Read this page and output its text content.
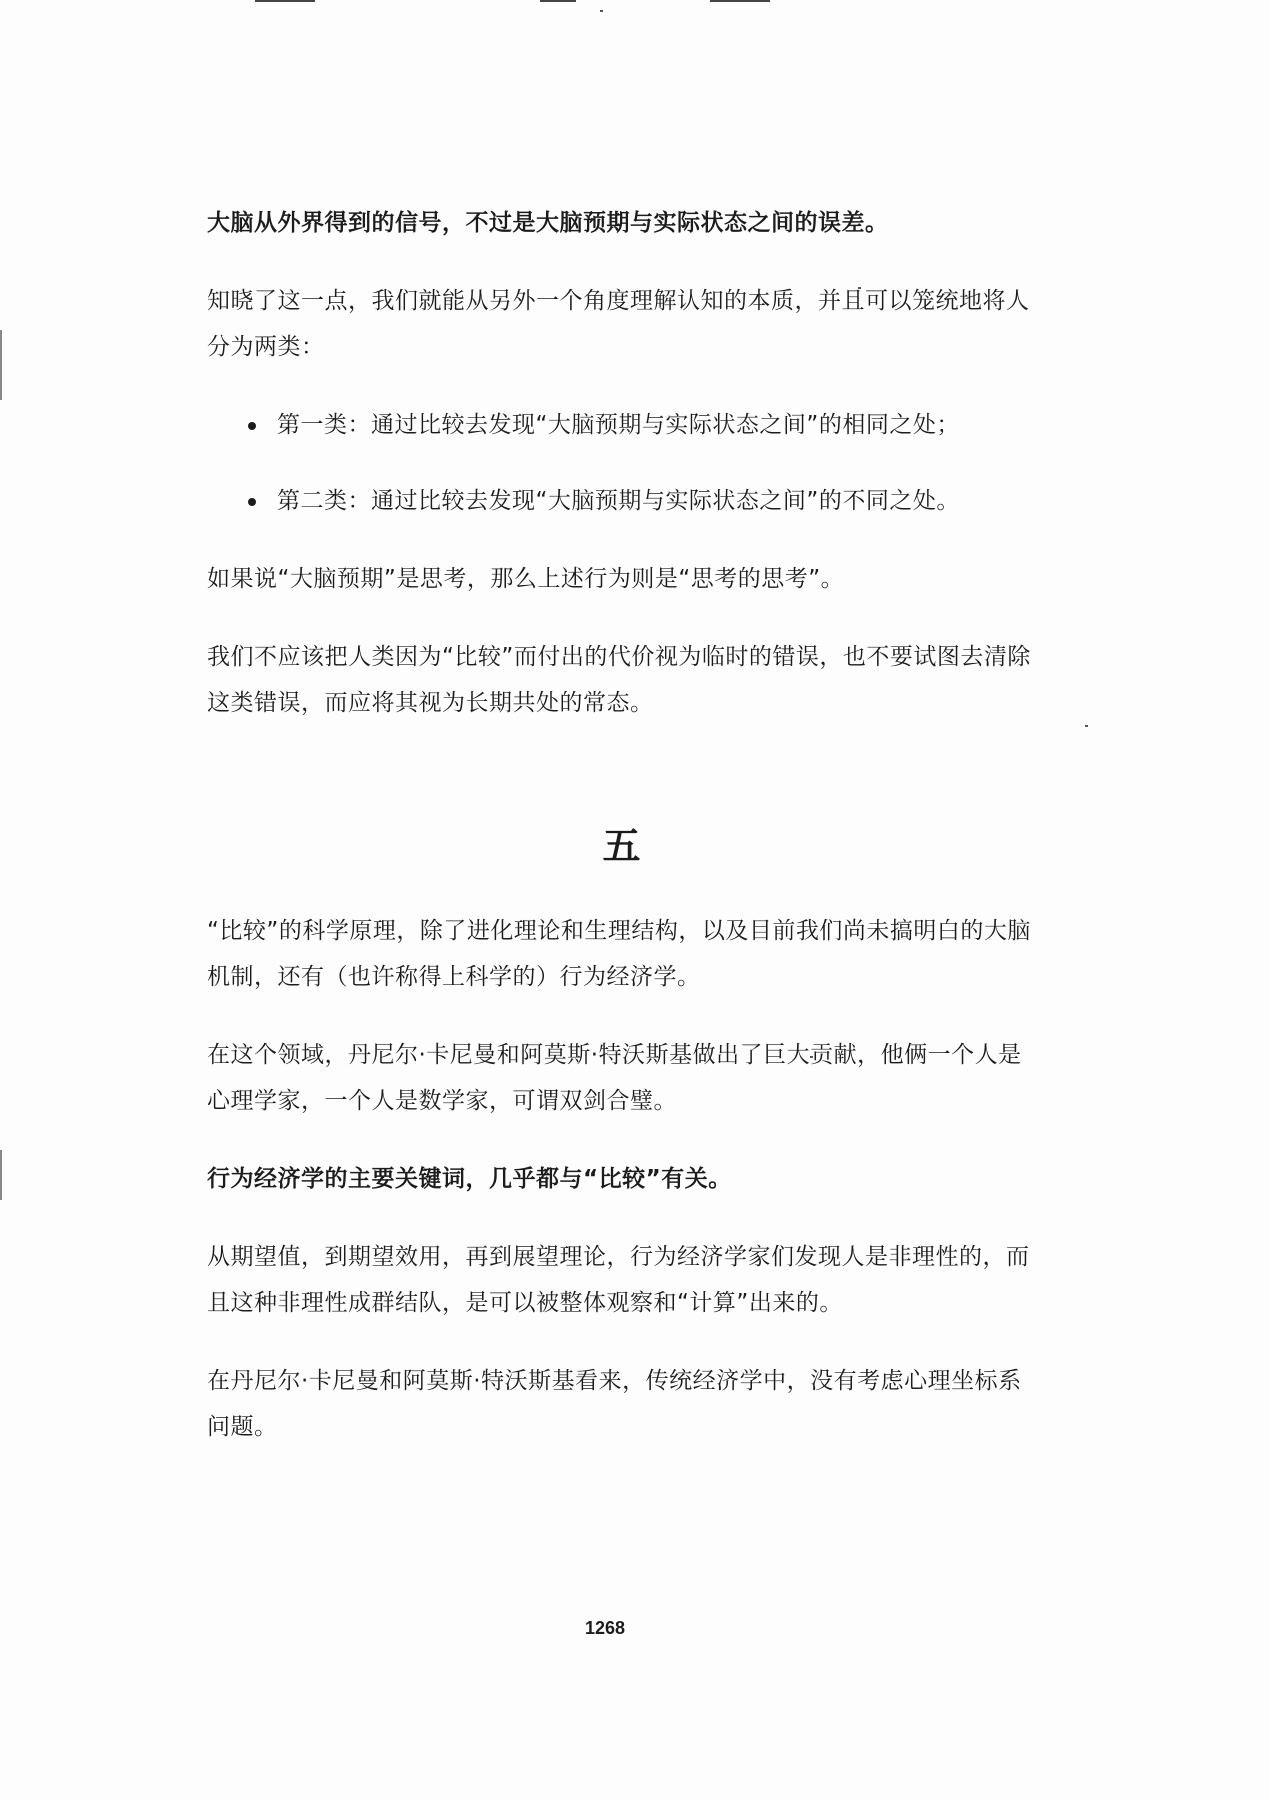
大脑从外界得到的信号，不过是大脑预期与实际状态之间的误差。

知晓了这一点，我们就能从另外一个角度理解认知的本质，并且可以笼统地将人分为两类：

第一类：通过比较去发现“大脑预期与实际状态之间”的相同之处；
第二类：通过比较去发现“大脑预期与实际状态之间”的不同之处。

如果说“大脑预期”是思考，那么上述行为则是“思考的思考”。

我们不应该把人类因为“比较”而付出的代价视为临时的错误，也不要试图去清除这类错误，而应将其视为长期共处的常态。

五

“比较”的科学原理，除了进化理论和生理结构，以及目前我们尚未搞明白的大脑机制，还有（也许称得上科学的）行为经济学。

在这个领域，丹尼尔·卡尼曼和阿莫斯·特沃斯基做出了巨大贡献，他俩一个人是心理学家，一个人是数学家，可谓双剑合璧。

行为经济学的主要关键词，几乎都与“比较”有关。

从期望值，到期望效用，再到展望理论，行为经济学家们发现人是非理性的，而且这种非理性成群结队，是可以被整体观察和“计算”出来的。

在丹尼尔·卡尼曼和阿莫斯·特沃斯基看来，传统经济学中，没有考虑心理坐标系问题。

1268
